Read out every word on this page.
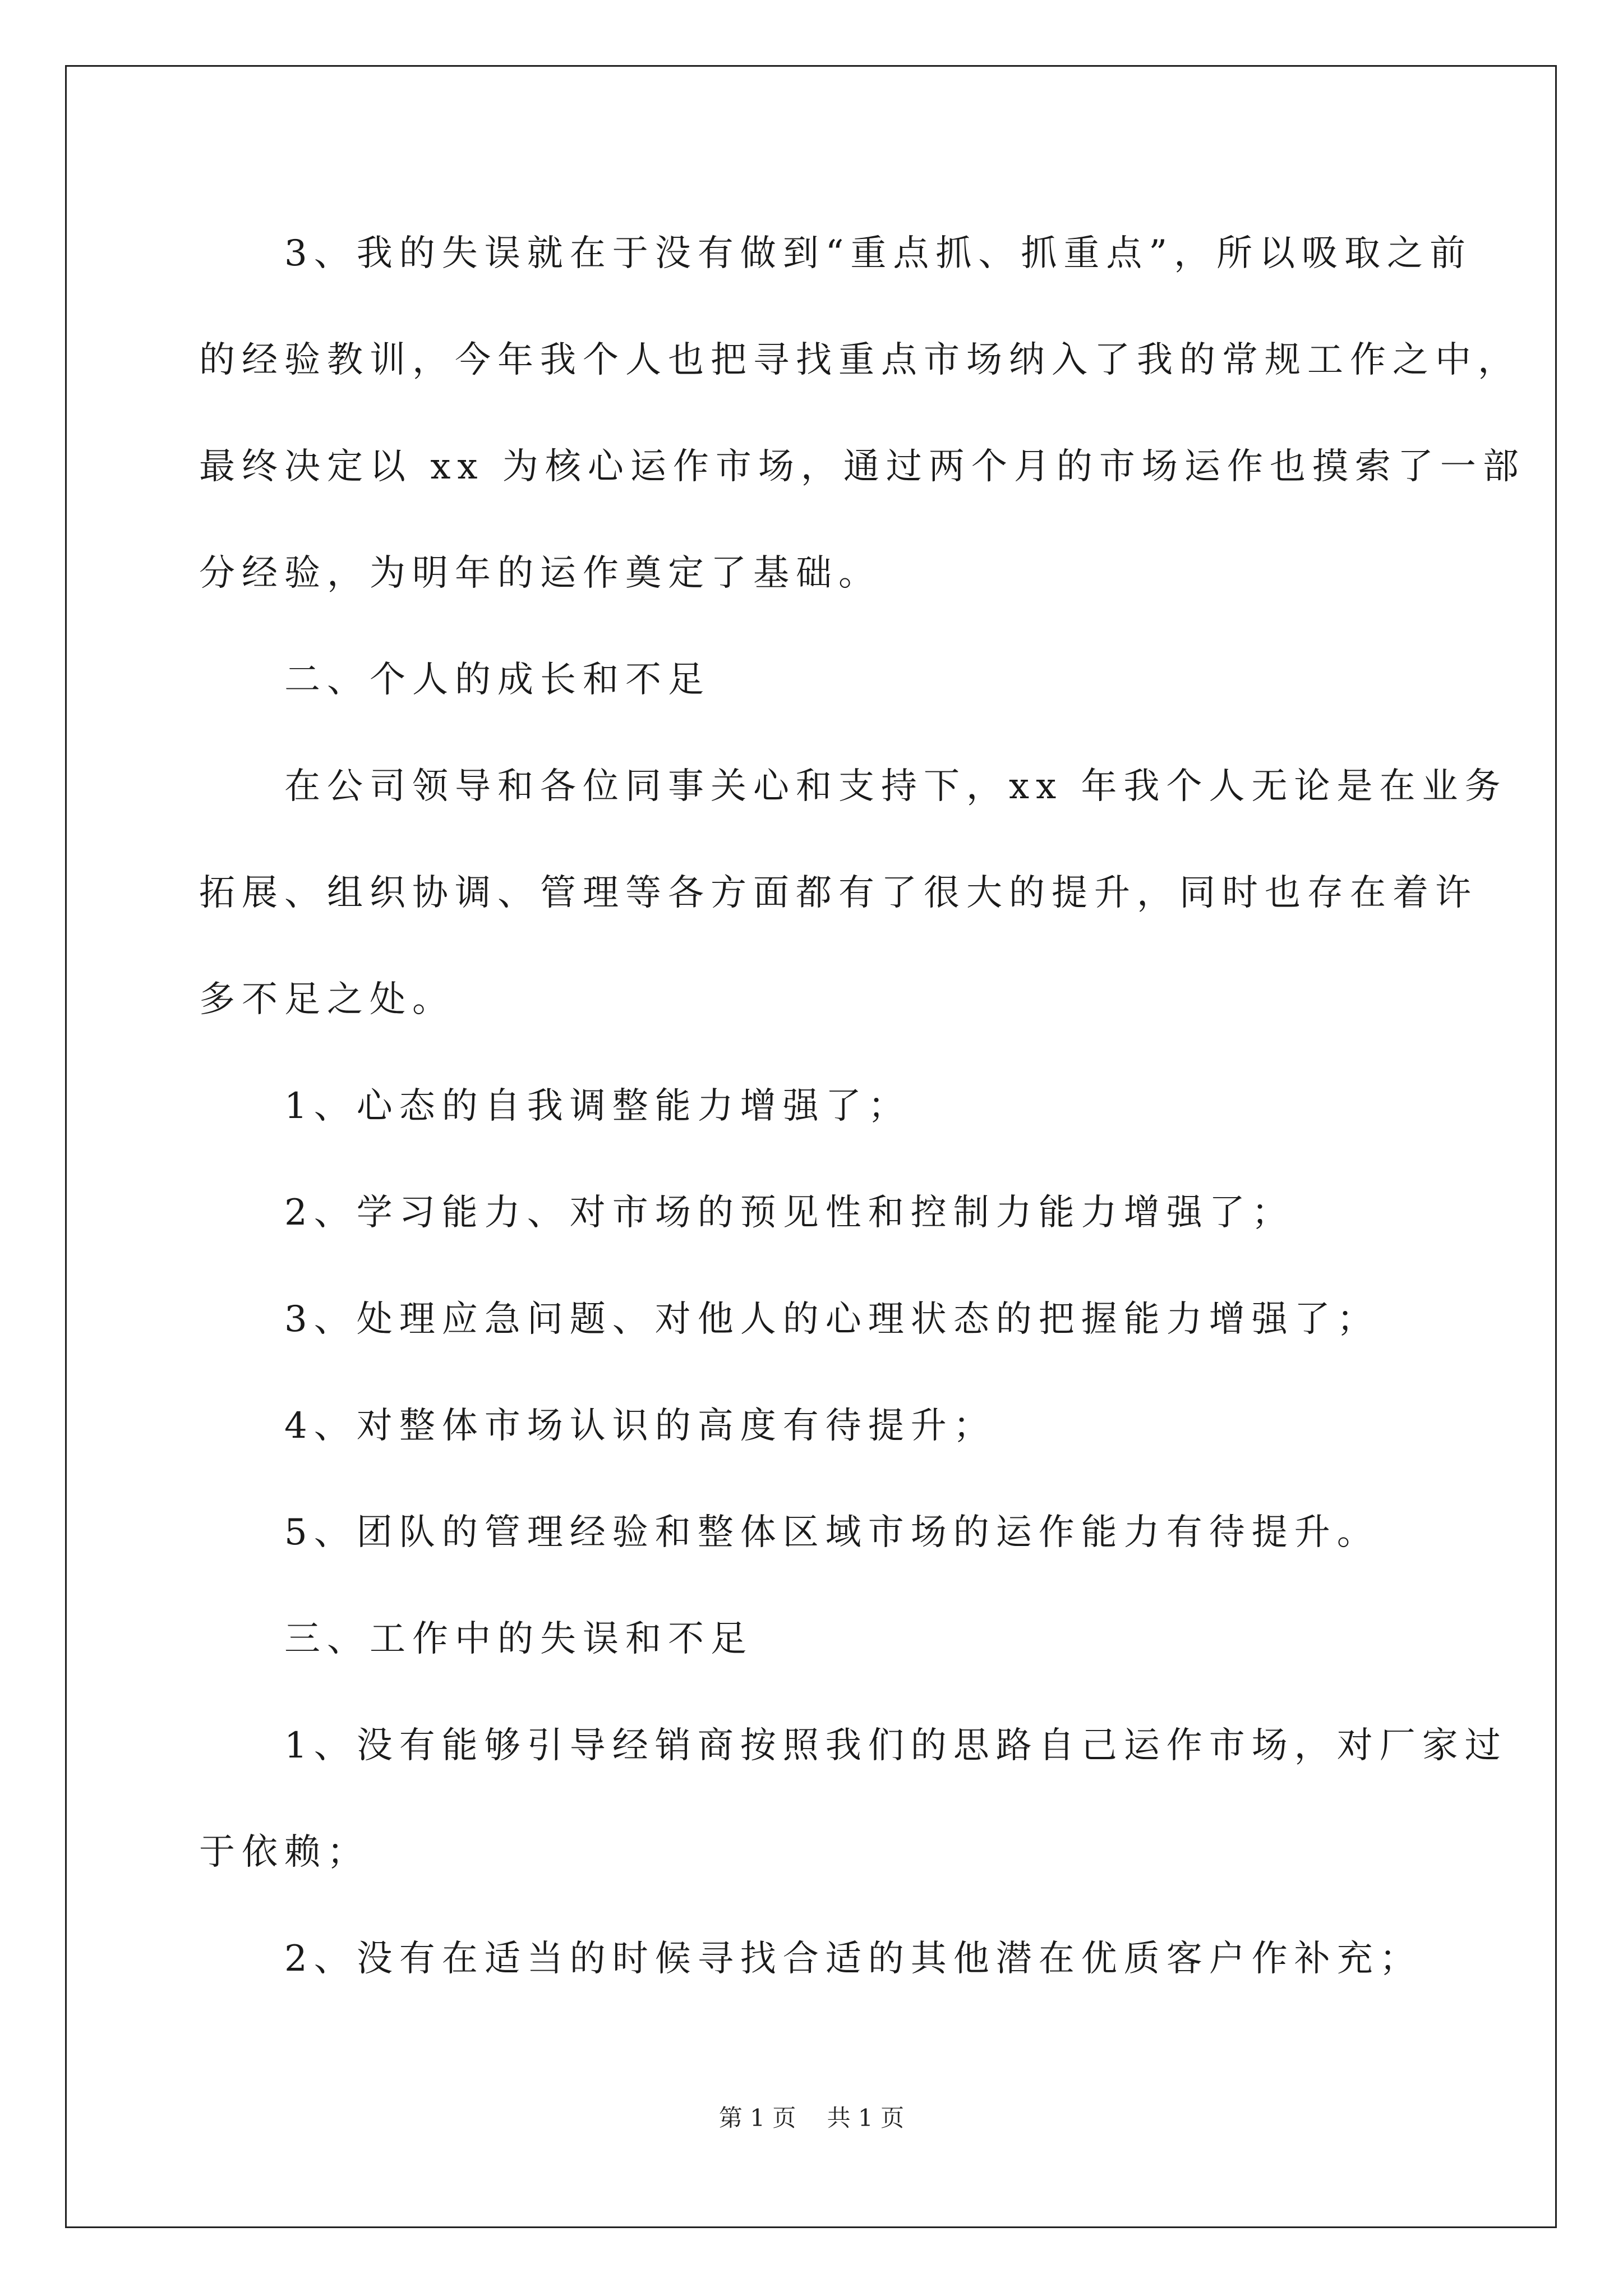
　　3、我的失误就在于没有做到“重点抓、抓重点”，所以吸取之前
的经验教训，今年我个人也把寻找重点市场纳入了我的常规工作之中，
最终决定以 xx 为核心运作市场，通过两个月的市场运作也摸索了一部
分经验，为明年的运作奠定了基础。
　　二、个人的成长和不足
　　在公司领导和各位同事关心和支持下，xx 年我个人无论是在业务
拓展、组织协调、管理等各方面都有了很大的提升，同时也存在着许
多不足之处。
　　1、心态的自我调整能力增强了；
　　2、学习能力、对市场的预见性和控制力能力增强了；
　　3、处理应急问题、对他人的心理状态的把握能力增强了；
　　4、对整体市场认识的高度有待提升；
　　5、团队的管理经验和整体区域市场的运作能力有待提升。
　　三、工作中的失误和不足
　　1、没有能够引导经销商按照我们的思路自己运作市场，对厂家过
于依赖；
　　2、没有在适当的时候寻找合适的其他潜在优质客户作补充；
第 1 页　 共 1 页
